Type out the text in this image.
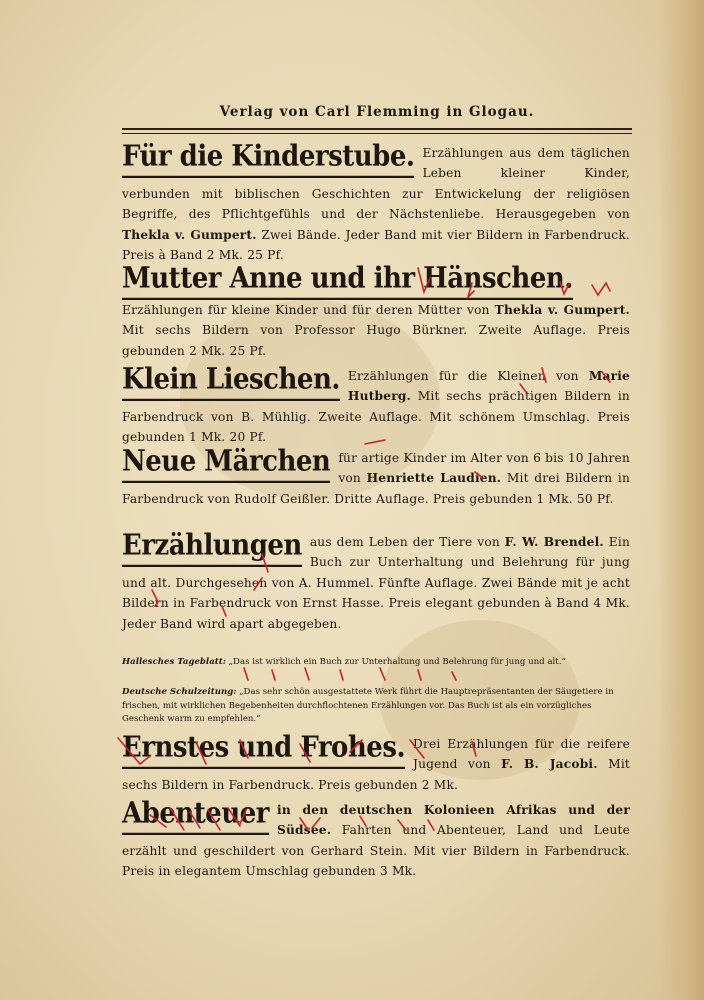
Verlag von Carl Flemming in Glogau.
Für die Kinderstube. Erzählungen aus dem täglichen Leben kleiner Kinder, verbunden mit biblischen Geschichten zur Entwickelung der religiösen Begriffe, des Pflichtgefühls und der Nächstenliebe. Herausgegeben von Thekla v. Gumpert. Zwei Bände. Jeder Band mit vier Bildern in Farbendruck. Preis à Band 2 Mk. 25 Pf.
Mutter Anne und ihr Hänschen.
Erzählungen für kleine Kinder und für deren Mütter von Thekla v. Gumpert. Mit sechs Bildern von Professor Hugo Bürkner. Zweite Auflage. Preis gebunden 2 Mk. 25 Pf.
Klein Lieschen. Erzählungen für die Kleinen von Marie Hutberg. Mit sechs prächtigen Bildern in Farbendruck von B. Mühlig. Zweite Auflage. Mit schönem Umschlag. Preis gebunden 1 Mk. 20 Pf.
Neue Märchen für artige Kinder im Alter von 6 bis 10 Jahren von Henriette Laudien. Mit drei Bildern in Farbendruck von Rudolf Geißler. Dritte Auflage. Preis gebunden 1 Mk. 50 Pf.
Erzählungen aus dem Leben der Tiere von F. W. Brendel. Ein Buch zur Unterhaltung und Belehrung für jung und alt. Durchgesehen von A. Hummel. Fünfte Auflage. Zwei Bände mit je acht Bildern in Farbendruck von Ernst Hasse. Preis elegant gebunden à Band 4 Mk. Jeder Band wird apart abgegeben.
Hallesches Tageblatt: „Das ist wirklich ein Buch zur Unterhaltung und Belehrung für jung und alt.“
Deutsche Schulzeitung: „Das sehr schön ausgestattete Werk führt die Hauptrepräsentanten der Säugetiere in frischen, mit wirklichen Begebenheiten durchflochtenen Erzählungen vor. Das Buch ist als ein vorzügliches Geschenk warm zu empfehlen.“
Ernstes und Frohes. Drei Erzählungen für die reifere Jugend von F. B. Jacobi. Mit sechs Bildern in Farbendruck. Preis gebunden 2 Mk.
Abenteuer in den deutschen Kolonieen Afrikas und der Südsee. Fahrten und Abenteuer, Land und Leute erzählt und geschildert von Gerhard Stein. Mit vier Bildern in Farbendruck. Preis in elegantem Umschlag gebunden 3 Mk.
